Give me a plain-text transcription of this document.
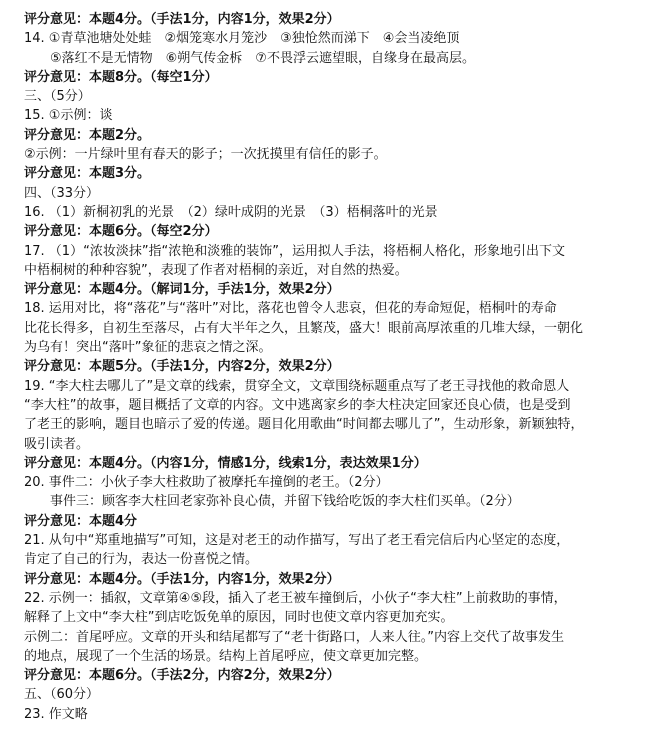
评分意见：本题4分。（手法1分，内容1分，效果2分）
14. ①青草池塘处处蛙　②烟笼寒水月笼沙　③独怆然而涕下　④会当凌绝顶
⑤落红不是无情物　⑥朔气传金柝　⑦不畏浮云遮望眼，自缘身在最高层。
评分意见：本题8分。（每空1分）
三、（5分）
15. ①示例：谈
评分意见：本题2分。
②示例：一片绿叶里有春天的影子；一次抚摸里有信任的影子。
评分意见：本题3分。
四、（33分）
16. （1）新桐初乳的光景　（2）绿叶成阴的光景　（3）梧桐落叶的光景
评分意见：本题6分。（每空2分）
17. （1）“浓妆淡抹”指“浓艳和淡雅的装饰”，运用拟人手法，将梧桐人格化，形象地引出下文
中梧桐树的种种容貌”，表现了作者对梧桐的亲近，对自然的热爱。
评分意见：本题4分。（解词1分，手法1分，效果2分）
18. 运用对比，将“落花”与“落叶”对比，落花也曾令人悲哀，但花的寿命短促，梧桐叶的寿命
比花长得多，自初生至落尽，占有大半年之久，且繁茂，盛大！眼前高厚浓重的几堆大绿，一朝化
为乌有！突出“落叶”象征的悲哀之情之深。
评分意见：本题5分。（手法1分，内容2分，效果2分）
19. “李大柱去哪儿了”是文章的线索，贯穿全文，文章围绕标题重点写了老王寻找他的救命恩人
“李大柱”的故事，题目概括了文章的内容。文中逃离家乡的李大柱决定回家还良心债，也是受到
了老王的影响，题目也暗示了爱的传递。题目化用歌曲“时间都去哪儿了”，生动形象，新颖独特，
吸引读者。
评分意见：本题4分。（内容1分，情感1分，线索1分，表达效果1分）
20. 事件二：小伙子李大柱救助了被摩托车撞倒的老王。（2分）
事件三：顾客李大柱回老家弥补良心债，并留下钱给吃饭的李大柱们买单。（2分）
评分意见：本题4分
21. 从句中“郑重地描写”可知，这是对老王的动作描写，写出了老王看完信后内心坚定的态度，
肯定了自己的行为，表达一份喜悦之情。
评分意见：本题4分。（手法1分，内容1分，效果2分）
22. 示例一：插叙，文章第④⑤段，插入了老王被车撞倒后，小伙子“李大柱”上前救助的事情，
解释了上文中“李大柱”到店吃饭免单的原因，同时也使文章内容更加充实。
示例二：首尾呼应。文章的开头和结尾都写了“老十街路口，人来人往。”内容上交代了故事发生
的地点，展现了一个生活的场景。结构上首尾呼应，使文章更加完整。
评分意见：本题6分。（手法2分，内容2分，效果2分）
五、（60分）
23. 作文略
